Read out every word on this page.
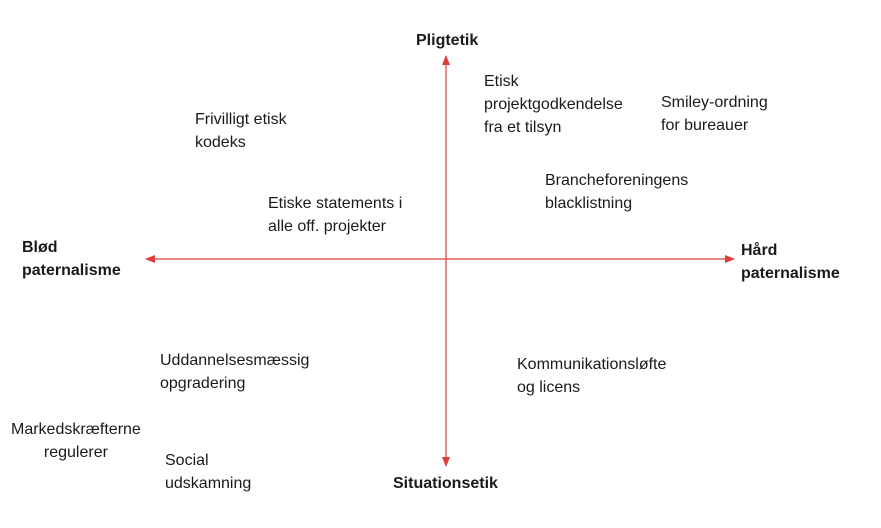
Pligtetik
Situationsetik
Blød
paternalisme
Hård
paternalisme
Frivilligt etisk
kodeks
Etisk
projektgodkendelse
fra et tilsyn
Smiley-ordning
for bureauer
Brancheforeningens
blacklistning
Etiske statements i
alle off. projekter
Uddannelsesmæssig
opgradering
Kommunikationsløfte
og licens
Markedskræfterne
regulerer	Social
udskamning
